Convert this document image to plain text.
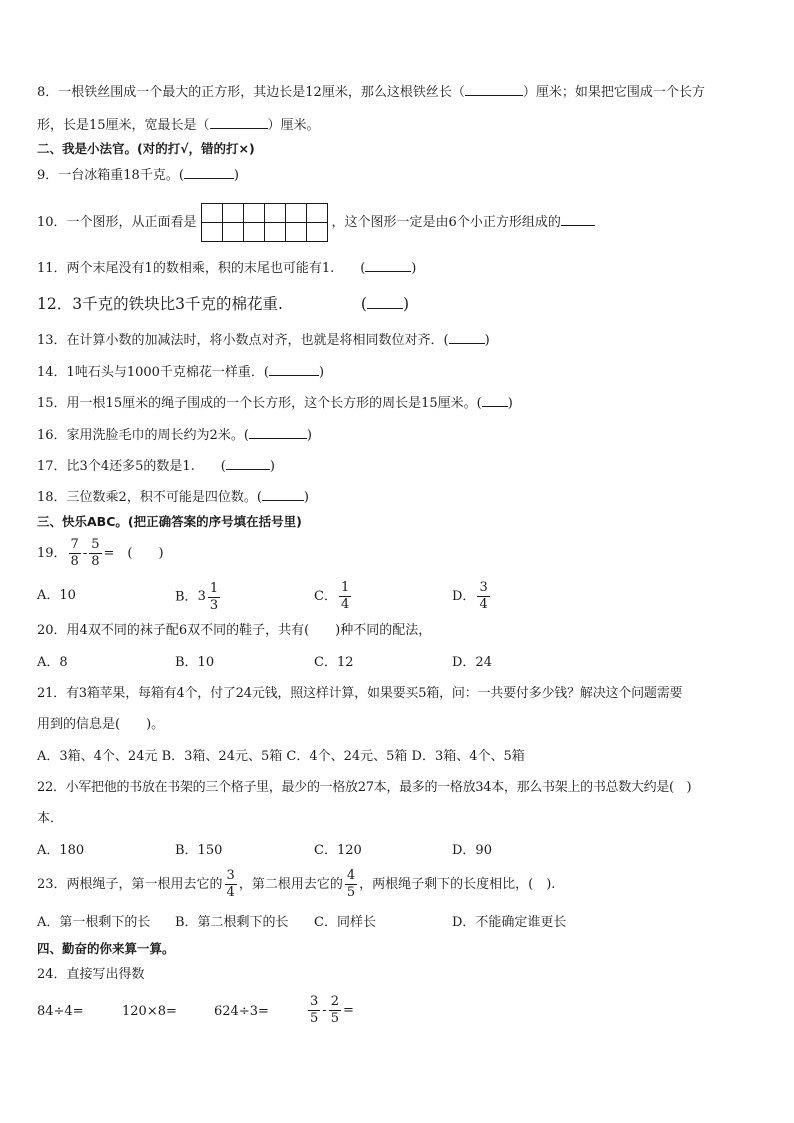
8．一根铁丝围成一个最大的正方形，其边长是12厘米，那么这根铁丝长（	）厘米；如果把它围成一个长方
形，长是15厘米，宽最长是（	）厘米。
二、我是小法官。(对的打√，错的打×)
9．一台冰箱重18千克。(	)
10．一个图形，从正面看是	，这个图形一定是由6个小正方形组成的
11．两个末尾没有1的数相乘，积的末尾也可能有1.　　(	)
12．3千克的铁块比3千克的棉花重.	( )
13．在计算小数的加减法时，将小数点对齐，也就是将相同数位对齐．(	)
14．1吨石头与1000千克棉花一样重．(	)
15．用一根15厘米的绳子围成的一个长方形，这个长方形的周长是15厘米。( )
16．家用洗脸毛巾的周长约为2米。(	)
17．比3个4还多5的数是1.　　(	)
18．三位数乘2，积不可能是四位数。(	)
三、快乐ABC。(把正确答案的序号填在括号里)
19． $\frac{7}{8} - \frac{5}{8}$ =　(　　)
A．10	B． $3 \frac{1}{3}$	C． $\frac{1}{4}$	D． $\frac{3}{4}$
20．用4双不同的袜子配6双不同的鞋子，共有(　　)种不同的配法，
A．8	B．10	C．12	D．24
21．有3箱苹果，每箱有4个，付了24元钱，照这样计算，如果要买5箱，问：一共要付多少钱？解决这个问题需要
用到的信息是(　　)。
A．3箱、4个、24元 B．3箱、24元、5箱 C．4个、24元、5箱 D．3箱、4个、5箱
22．小军把他的书放在书架的三个格子里，最少的一格放27本，最多的一格放34本，那么书架上的书总数大约是(　)
本．
A．180	B．150	C．120	D．90
23．两根绳子，第一根用去它的 $\frac{3}{4}$ ，第二根用去它的 $\frac{4}{5}$ ，两根绳子剩下的长度相比，(　).
A．第一根剩下的长 B．第二根剩下的长 C．同样长	D．不能确定谁更长
四、勤奋的你来算一算。
24．直接写出得数
84÷4=	120×8=	624÷3=	$\frac{3}{5} - \frac{2}{5}$ =
